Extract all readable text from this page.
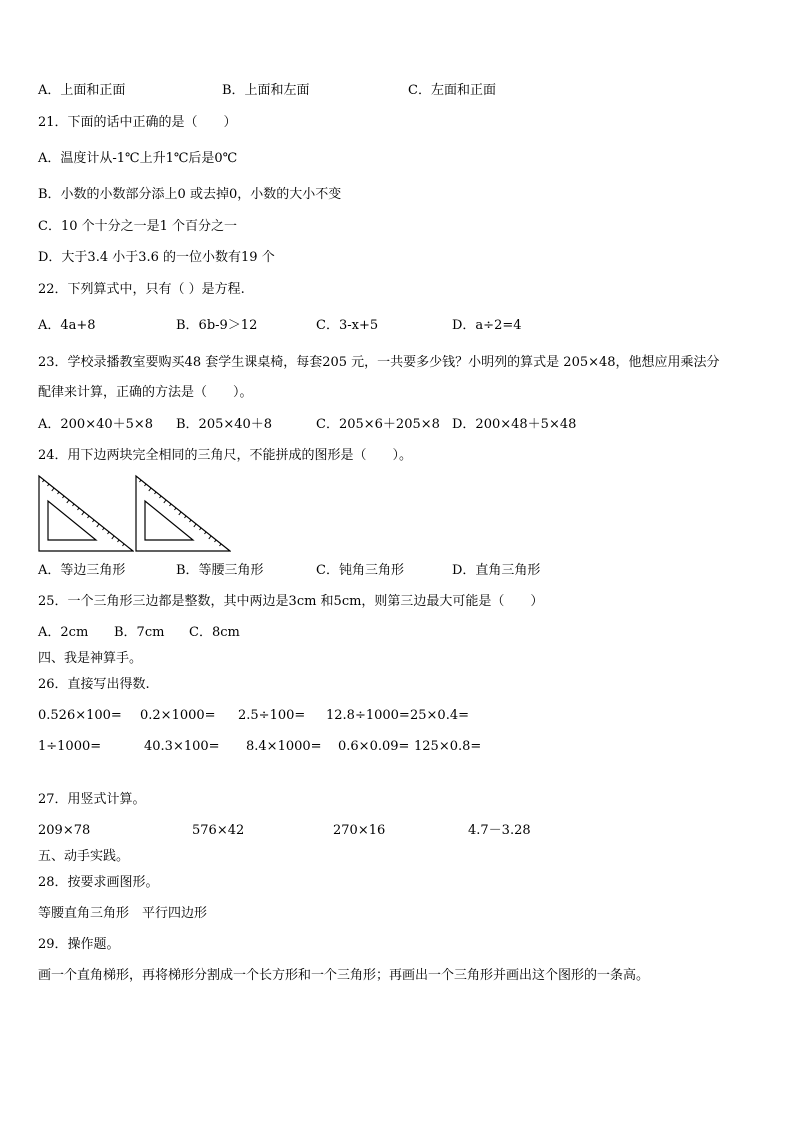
A．上面和正面	B．上面和左面	C．左面和正面
21．下面的话中正确的是（　　）
A．温度计从-1℃上升1℃后是0℃
B．小数的小数部分添上0 或去掉0，小数的大小不变
C．10 个十分之一是1 个百分之一
D．大于3.4 小于3.6 的一位小数有19 个
22．下列算式中，只有（ ）是方程.
A．4a+8	B．6b-9＞12	C．3-x+5	D．a÷2=4
23．学校录播教室要购买48 套学生课桌椅，每套205 元，一共要多少钱？小明列的算式是 205×48，他想应用乘法分
配律来计算，正确的方法是（　　）。
A．200×40＋5×8 B．205×40＋8	C．205×6＋205×8 D．200×48＋5×48
24．用下边两块完全相同的三角尺，不能拼成的图形是（　　）。
A．等边三角形	B．等腰三角形	C．钝角三角形	D．直角三角形
25．一个三角形三边都是整数，其中两边是3cm 和5cm，则第三边最大可能是（　　）
A．2cm B．7cm C．8cm
四、我是神算手。
26．直接写出得数.
0.526×100= 0.2×1000= 2.5÷100= 12.8÷1000= 25×0.4=
1÷1000=	40.3×100= 8.4×1000= 0.6×0.09= 125×0.8=
27．用竖式计算。
209×78	576×42	270×16	4.7－3.28
五、动手实践。
28．按要求画图形。
等腰直角三角形　平行四边形
29．操作题。
画一个直角梯形，再将梯形分割成一个长方形和一个三角形；再画出一个三角形并画出这个图形的一条高。
